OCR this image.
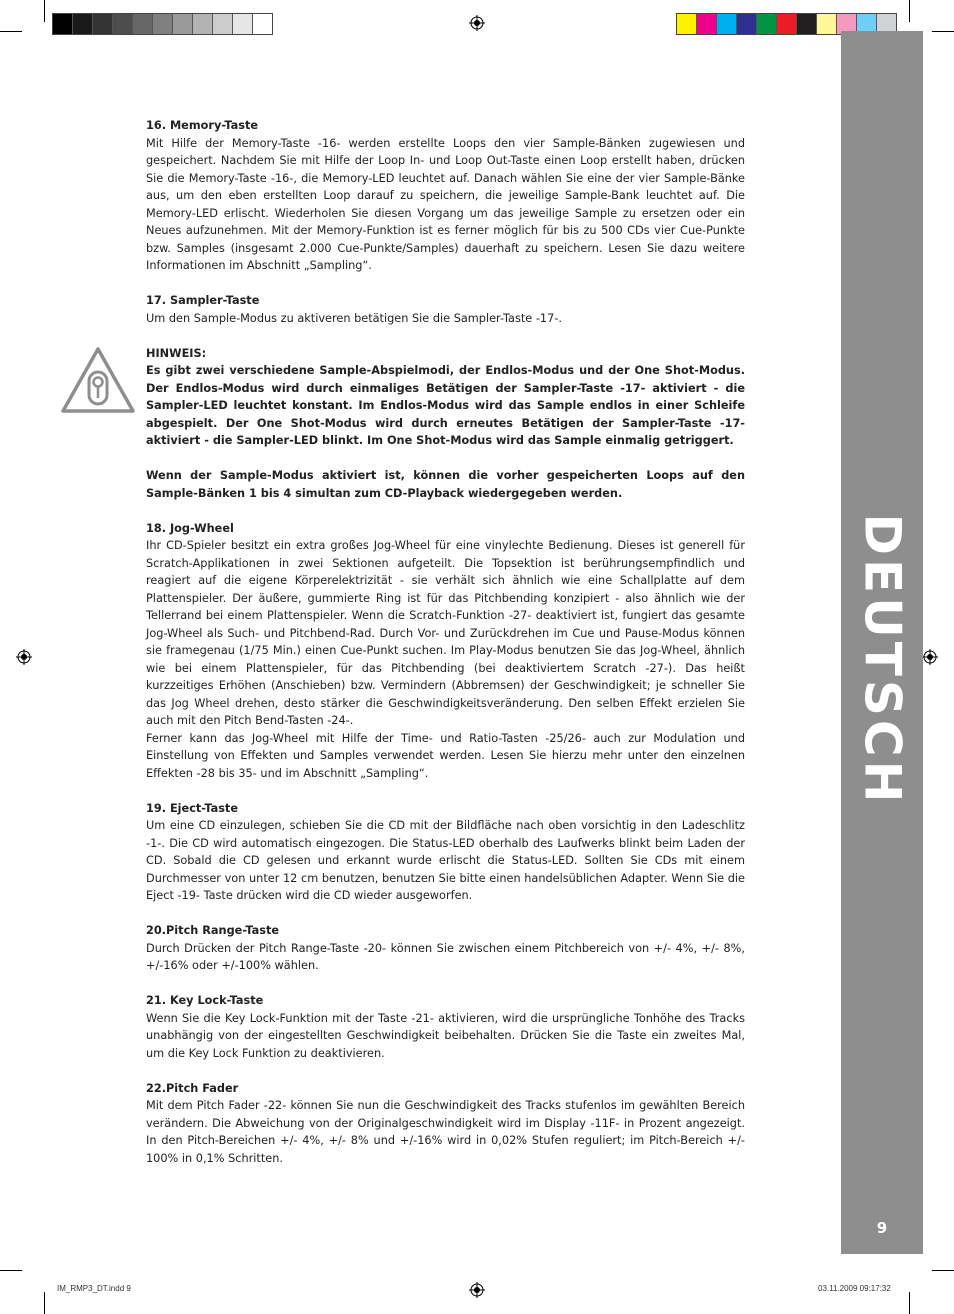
DEUTSCH
9
16. Memory-Taste

Mit Hilfe der Memory-Taste -16- werden erstellte Loops den vier Sample-Bänken zugewiesen und gespeichert. Nachdem Sie mit Hilfe der Loop In- und Loop Out-Taste einen Loop erstellt haben, drücken Sie die Memory-Taste -16-, die Memory-LED leuchtet auf. Danach wählen Sie eine der vier Sample-Bänke aus, um den eben erstellten Loop darauf zu speichern, die jeweilige Sample-Bank leuchtet auf. Die Memory-LED erlischt. Wiederholen Sie diesen Vorgang um das jeweilige Sample zu ersetzen oder ein Neues aufzunehmen. Mit der Memory-Funktion ist es ferner möglich für bis zu 500 CDs vier Cue-Punkte bzw. Samples (insgesamt 2.000 Cue-Punkte/Samples) dauerhaft zu speichern. Lesen Sie dazu weitere Informationen im Abschnitt „Sampling“.

17. Sampler-Taste

Um den Sample-Modus zu aktiveren betätigen Sie die Sampler-Taste -17-.

HINWEIS:

Es gibt zwei verschiedene Sample-Abspielmodi, der Endlos-Modus und der One Shot-Modus. Der Endlos-Modus wird durch einmaliges Betätigen der Sampler-Taste -17- aktiviert - die Sampler-LED leuchtet konstant. Im Endlos-Modus wird das Sample endlos in einer Schleife abgespielt. Der One Shot-Modus wird durch erneutes Betätigen der Sampler-Taste -17- aktiviert - die Sampler-LED blinkt. Im One Shot-Modus wird das Sample einmalig getriggert.

Wenn der Sample-Modus aktiviert ist, können die vorher gespeicherten Loops auf den Sample-Bänken 1 bis 4 simultan zum CD-Playback wiedergegeben werden.

18. Jog-Wheel

Ihr CD-Spieler besitzt ein extra großes Jog-Wheel für eine vinylechte Bedienung. Dieses ist generell für Scratch-Applikationen in zwei Sektionen aufgeteilt. Die Topsektion ist berührungsempfindlich und reagiert auf die eigene Körperelektrizität - sie verhält sich ähnlich wie eine Schallplatte auf dem Plattenspieler. Der äußere, gummierte Ring ist für das Pitchbending konzipiert - also ähnlich wie der Tellerrand bei einem Plattenspieler. Wenn die Scratch-Funktion -27- deaktiviert ist, fungiert das gesamte Jog-Wheel als Such- und Pitchbend-Rad. Durch Vor- und Zurückdrehen im Cue und Pause-Modus können sie framegenau (1/75 Min.) einen Cue-Punkt suchen. Im Play-Modus benutzen Sie das Jog-Wheel, ähnlich wie bei einem Plattenspieler, für das Pitchbending (bei deaktiviertem Scratch -27-). Das heißt kurzzeitiges Erhöhen (Anschieben) bzw. Vermindern (Abbremsen) der Geschwindigkeit; je schneller Sie das Jog Wheel drehen, desto stärker die Geschwindigkeitsveränderung. Den selben Effekt erzielen Sie auch mit den Pitch Bend-Tasten -24-.

Ferner kann das Jog-Wheel mit Hilfe der Time- und Ratio-Tasten -25/26- auch zur Modulation und Einstellung von Effekten und Samples verwendet werden. Lesen Sie hierzu mehr unter den einzelnen Effekten -28 bis 35- und im Abschnitt „Sampling“.

19. Eject-Taste

Um eine CD einzulegen, schieben Sie die CD mit der Bildfläche nach oben vorsichtig in den Ladeschlitz -1-. Die CD wird automatisch eingezogen. Die Status-LED oberhalb des Laufwerks blinkt beim Laden der CD. Sobald die CD gelesen und erkannt wurde erlischt die Status-LED. Sollten Sie CDs mit einem Durchmesser von unter 12 cm benutzen, benutzen Sie bitte einen handelsüblichen Adapter. Wenn Sie die Eject -19- Taste drücken wird die CD wieder ausgeworfen.

20.Pitch Range-Taste

Durch Drücken der Pitch Range-Taste -20- können Sie zwischen einem Pitchbereich von +/- 4%, +/- 8%, +/-16% oder +/-100% wählen.

21. Key Lock-Taste

Wenn Sie die Key Lock-Funktion mit der Taste -21- aktivieren, wird die ursprüngliche Tonhöhe des Tracks unabhängig von der eingestellten Geschwindigkeit beibehalten. Drücken Sie die Taste ein zweites Mal, um die Key Lock Funktion zu deaktivieren.

22.Pitch Fader

Mit dem Pitch Fader -22- können Sie nun die Geschwindigkeit des Tracks stufenlos im gewählten Bereich verändern. Die Abweichung von der Originalgeschwindigkeit wird im Display -11F- in Prozent angezeigt. In den Pitch-Bereichen +/- 4%, +/- 8% und +/-16% wird in 0,02% Stufen reguliert; im Pitch-Bereich +/- 100% in 0,1% Schritten.

IM_RMP3_DT.indd 9	03.11.2009 09:17:32
